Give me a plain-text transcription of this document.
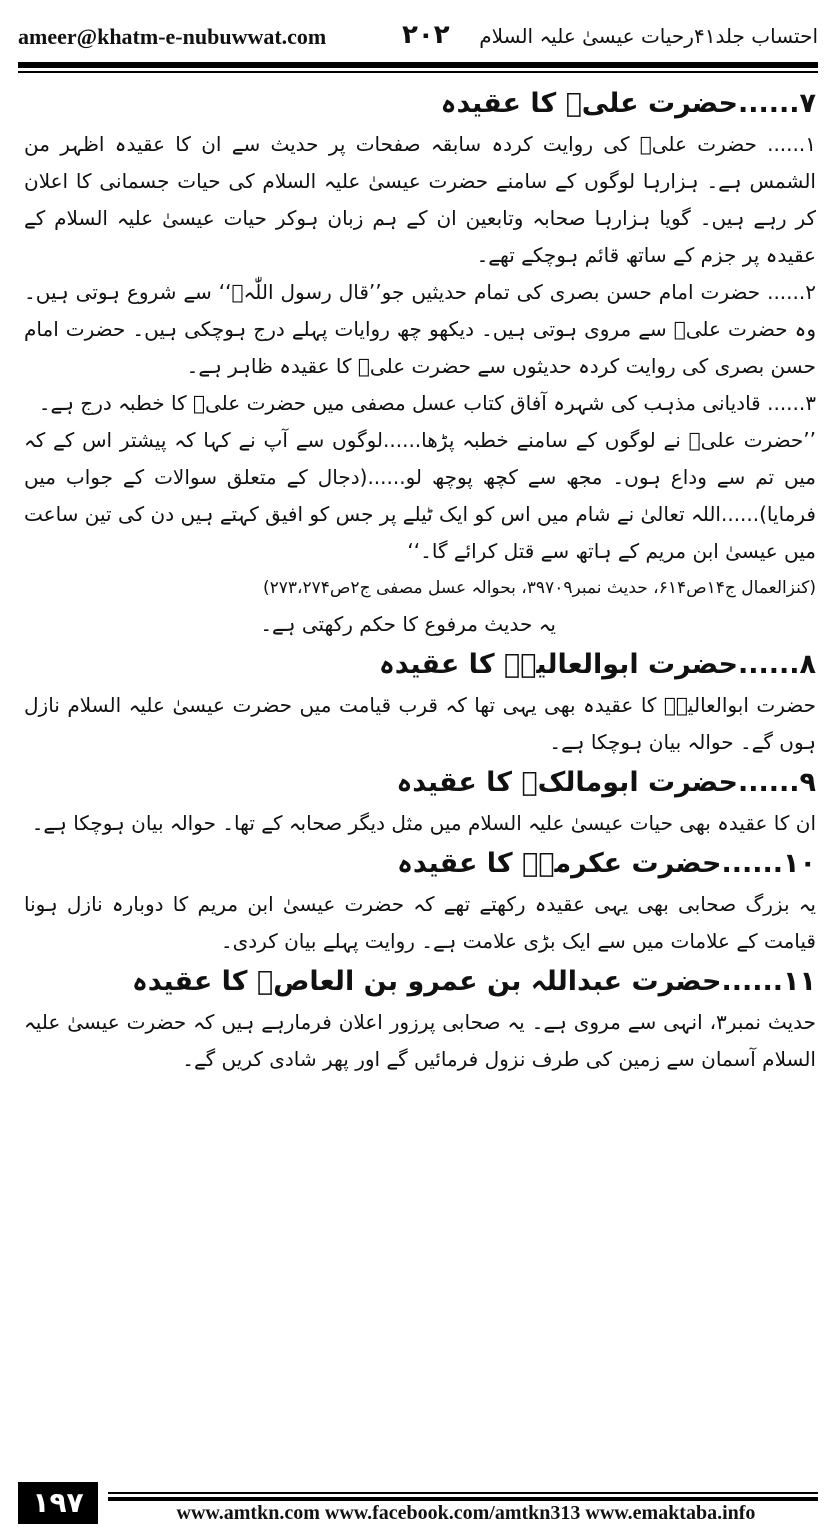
ameer@khatm-e-nubuwwat.com	۲۰۲ احتساب جلد۴۱رحیات عیسیٰ علیہ السلام
۷......حضرت علیؓ کا عقیدہ

۱...... حضرت علیؓ کی روایت کردہ سابقہ صفحات پر حدیث سے ان کا عقیدہ اظہر من الشمس ہے۔ ہزارہا لوگوں کے سامنے حضرت عیسیٰ علیہ السلام کی حیات جسمانی کا اعلان کر رہے ہیں۔ گویا ہزارہا صحابہ وتابعین ان کے ہم زبان ہوکر حیات عیسیٰ علیہ السلام کے عقیدہ پر جزم کے ساتھ قائم ہوچکے تھے۔

۲...... حضرت امام حسن بصری کی تمام حدیثیں جو’’قال رسول اللّٰہﷺ‘‘ سے شروع ہوتی ہیں۔ وہ حضرت علیؓ سے مروی ہوتی ہیں۔ دیکھو چھ روایات پہلے درج ہوچکی ہیں۔ حضرت امام حسن بصری کی روایت کردہ حدیثوں سے حضرت علیؓ کا عقیدہ ظاہر ہے۔

۳...... قادیانی مذہب کی شہرہ آفاق کتاب عسل مصفی میں حضرت علیؓ کا خطبہ درج ہے۔

’’حضرت علیؓ نے لوگوں کے سامنے خطبہ پڑھا......لوگوں سے آپ نے کہا کہ پیشتر اس کے کہ میں تم سے وداع ہوں۔ مجھ سے کچھ پوچھ لو......(دجال کے متعلق سوالات کے جواب میں فرمایا)......اللہ تعالیٰ نے شام میں اس کو ایک ٹیلے پر جس کو افیق کہتے ہیں دن کی تین ساعت میں عیسیٰ ابن مریم کے ہاتھ سے قتل کرائے گا۔‘‘

(کنزالعمال ج۱۴ص۶۱۴، حدیث نمبر۳۹۷۰۹، بحوالہ عسل مصفی ج۲ص۲۷۳،۲۷۴)

یہ حدیث مرفوع کا حکم رکھتی ہے۔

۸......حضرت ابوالعالیہؒ کا عقیدہ

حضرت ابوالعالیہؒ کا عقیدہ بھی یہی تھا کہ قرب قیامت میں حضرت عیسیٰ علیہ السلام نازل ہوں گے۔ حوالہ بیان ہوچکا ہے۔

۹......حضرت ابومالکؒ کا عقیدہ

ان کا عقیدہ بھی حیات عیسیٰ علیہ السلام میں مثل دیگر صحابہ کے تھا۔ حوالہ بیان ہوچکا ہے۔

۱۰......حضرت عکرمہؒ کا عقیدہ

یہ بزرگ صحابی بھی یہی عقیدہ رکھتے تھے کہ حضرت عیسیٰ ابن مریم کا دوبارہ نازل ہونا قیامت کے علامات میں سے ایک بڑی علامت ہے۔ روایت پہلے بیان کردی۔

۱۱......حضرت عبداللہ بن عمرو بن العاصؓ کا عقیدہ

حدیث نمبر۳، انہی سے مروی ہے۔ یہ صحابی پرزور اعلان فرمارہے ہیں کہ حضرت عیسیٰ علیہ السلام آسمان سے زمین کی طرف نزول فرمائیں گے اور پھر شادی کریں گے۔

۱۹۷	www.amtkn.com www.facebook.com/amtkn313 www.emaktaba.info
